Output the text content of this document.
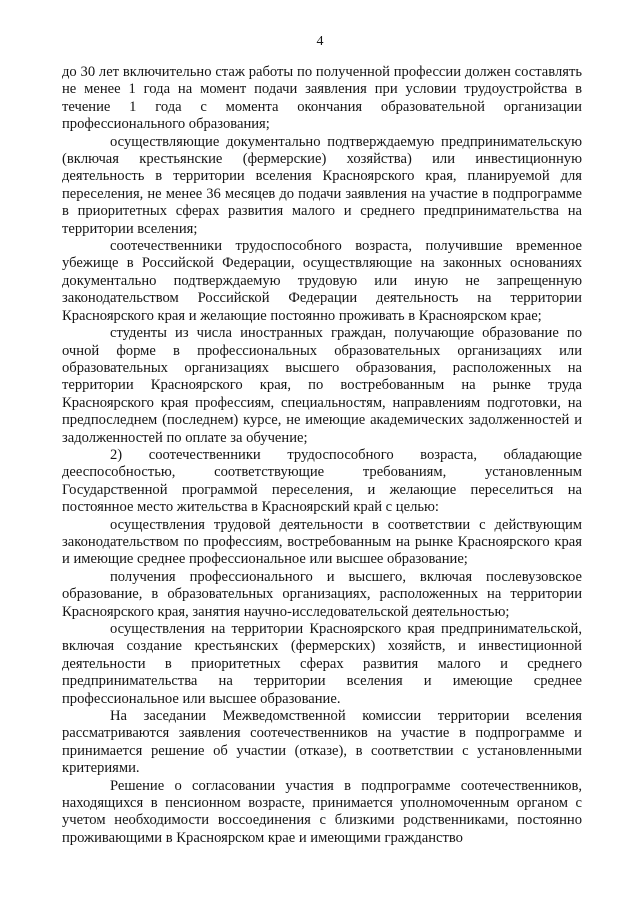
4

до 30 лет включительно стаж работы по полученной профессии должен составлять не менее 1 года на момент подачи заявления при условии трудоустройства в течение 1 года с момента окончания образовательной организации профессионального образования;

осуществляющие документально подтверждаемую предпринимательскую (включая крестьянские (фермерские) хозяйства) или инвестиционную деятельность в территории вселения Красноярского края, планируемой для переселения, не менее 36 месяцев до подачи заявления на участие в подпрограмме в приоритетных сферах развития малого и среднего предпринимательства на территории вселения;

соотечественники трудоспособного возраста, получившие временное убежище в Российской Федерации, осуществляющие на законных основаниях документально подтверждаемую трудовую или иную не запрещенную законодательством Российской Федерации деятельность на территории Красноярского края и желающие постоянно проживать в Красноярском крае;

студенты из числа иностранных граждан, получающие образование по очной форме в профессиональных образовательных организациях или образовательных организациях высшего образования, расположенных на территории Красноярского края, по востребованным на рынке труда Красноярского края профессиям, специальностям, направлениям подготовки, на предпоследнем (последнем) курсе, не имеющие академических задолженностей и задолженностей по оплате за обучение;

2) соотечественники трудоспособного возраста, обладающие дееспособностью, соответствующие требованиям, установленным Государственной программой переселения, и желающие переселиться на постоянное место жительства в Красноярский край с целью:

осуществления трудовой деятельности в соответствии с действующим законодательством по профессиям, востребованным на рынке Красноярского края и имеющие среднее профессиональное или высшее образование;

получения профессионального и высшего, включая послевузовское образование, в образовательных организациях, расположенных на территории Красноярского края, занятия научно-исследовательской деятельностью;

осуществления на территории Красноярского края предпринимательской, включая создание крестьянских (фермерских) хозяйств, и инвестиционной деятельности в приоритетных сферах развития малого и среднего предпринимательства на территории вселения и имеющие среднее профессиональное или высшее образование.

На заседании Межведомственной комиссии территории вселения рассматриваются заявления соотечественников на участие в подпрограмме и принимается решение об участии (отказе), в соответствии с установленными критериями.

Решение о согласовании участия в подпрограмме соотечественников, находящихся в пенсионном возрасте, принимается уполномоченным органом с учетом необходимости воссоединения с близкими родственниками, постоянно проживающими в Красноярском крае и имеющими гражданство
